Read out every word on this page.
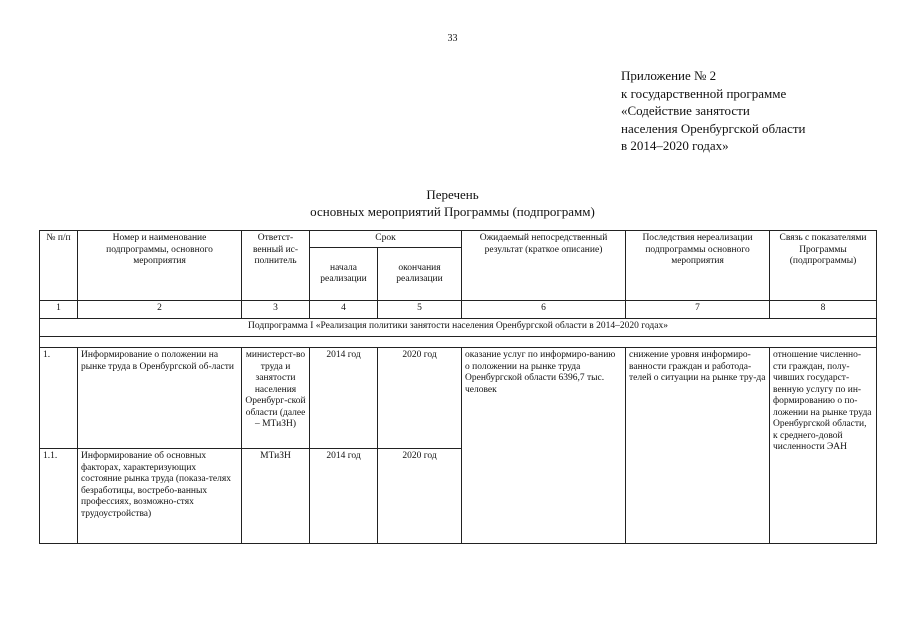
33
Приложение № 2
к государственной программе
«Содействие занятости
населения Оренбургской области
в 2014–2020 годах»
Перечень
основных мероприятий Программы (подпрограмм)
№ п/п	Номер и наименование подпрограммы, основного мероприятия	Ответст-венный ис-полнитель	Срок		Ожидаемый непосредственный результат (краткое описание)	Последствия нереализации подпрограммы основного мероприятия	Связь с показателями Программы (подпрограммы)
			начала реализации	окончания реализации			
1	2	3	4	5	6	7	8
Подпрограмма I «Реализация политики занятости населения Оренбургской области в 2014–2020 годах»							

1.	Информирование о положении на рынке труда в Оренбургской об-ласти	министерст-во труда и занятости населения Оренбург-ской области (далее – МТиЗН)	2014 год	2020 год	оказание услуг по информиро-ванию о положении на рынке труда Оренбургской области 6396,7 тыс. человек	снижение уровня информиро-ванности граждан и работода-телей о ситуации на рынке тру-да	отношение численно-сти граждан, полу-чивших государст-венную услугу по ин-формированию о по-ложении на рынке труда Оренбургской области, к среднего-довой численности ЭАН
1.1.	Информирование об основных факторах, характеризующих состояние рынка труда (показа-телях безработицы, востребо-ванных профессиях, возможно-стях трудоустройства)	МТиЗН	2014 год	2020 год			
